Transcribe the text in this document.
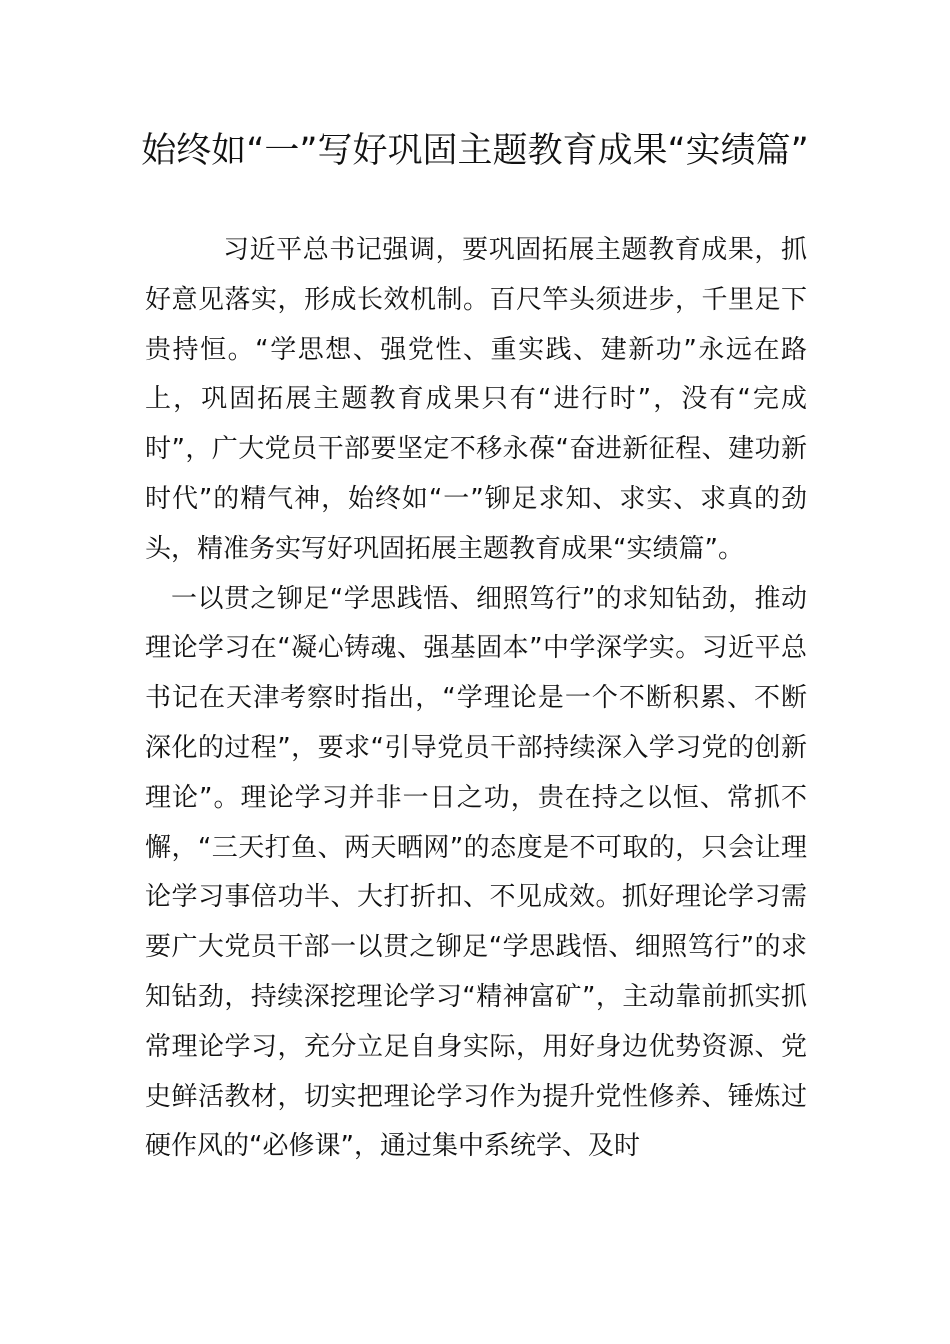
始终如“一”写好巩固主题教育成果“实绩篇”

习近平总书记强调，要巩固拓展主题教育成果，抓好意见落实，形成长效机制。百尺竿头须进步，千里足下贵持恒。“学思想、强党性、重实践、建新功”永远在路上，巩固拓展主题教育成果只有“进行时”，没有“完成时”，广大党员干部要坚定不移永葆“奋进新征程、建功新时代”的精气神，始终如“一”铆足求知、求实、求真的劲头，精准务实写好巩固拓展主题教育成果“实绩篇”。

一以贯之铆足“学思践悟、细照笃行”的求知钻劲，推动理论学习在“凝心铸魂、强基固本”中学深学实。习近平总书记在天津考察时指出，“学理论是一个不断积累、不断深化的过程”，要求“引导党员干部持续深入学习党的创新理论”。理论学习并非一日之功，贵在持之以恒、常抓不懈，“三天打鱼、两天晒网”的态度是不可取的，只会让理论学习事倍功半、大打折扣、不见成效。抓好理论学习需要广大党员干部一以贯之铆足“学思践悟、细照笃行”的求知钻劲，持续深挖理论学习“精神富矿”，主动靠前抓实抓常理论学习，充分立足自身实际，用好身边优势资源、党史鲜活教材，切实把理论学习作为提升党性修养、锤炼过硬作风的“必修课”，通过集中系统学、及时
